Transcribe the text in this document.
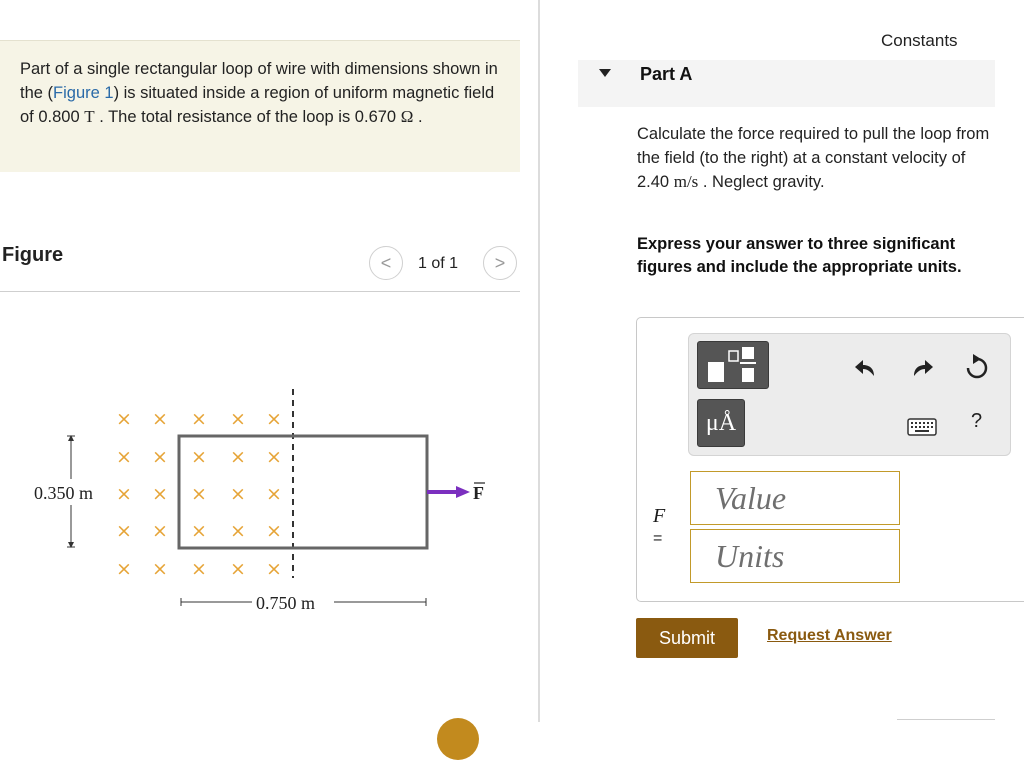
Part of a single rectangular loop of wire with dimensions shown in the (Figure 1) is situated inside a region of uniform magnetic field of 0.800 T . The total resistance of the loop is 0.670 Ω .
Figure	< 1 of 1 >
× × × × ×
× × × × ×
× × × × ×
× × × × ×
× × × × ×
0.350 m
0.750 m
F
Constants
Part A
Calculate the force required to pull the loop from the field (to the right) at a constant velocity of 2.40 m/s . Neglect gravity.
Express your answer to three significant figures and include the appropriate units.
μÅ	?
F
=
Value
Units
Submit	Request Answer
